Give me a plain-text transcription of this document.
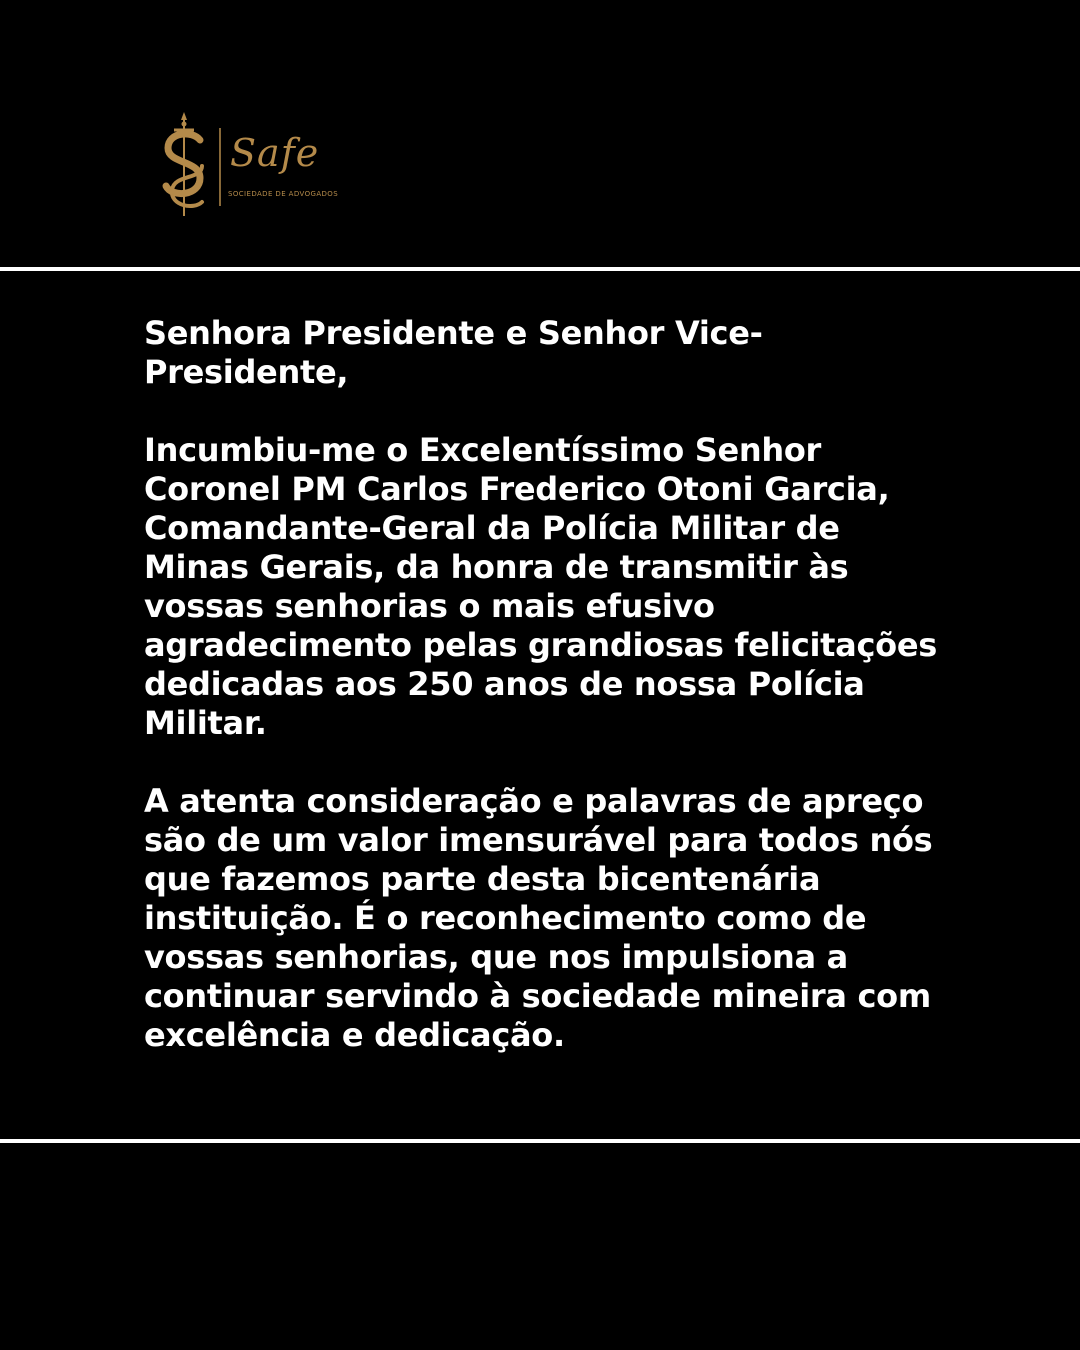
Safe
SOCIEDADE DE ADVOGADOS

Senhora Presidente e Senhor Vice-Presidente,

Incumbiu-me o Excelentíssimo Senhor Coronel PM Carlos Frederico Otoni Garcia, Comandante-Geral da Polícia Militar de Minas Gerais, da honra de transmitir às vossas senhorias o mais efusivo agradecimento pelas grandiosas felicitações dedicadas aos 250 anos de nossa Polícia Militar.

A atenta consideração e palavras de apreço são de um valor imensurável para todos nós que fazemos parte desta bicentenária instituição. É o reconhecimento como de vossas senhorias, que nos impulsiona a continuar servindo à sociedade mineira com excelência e dedicação.
